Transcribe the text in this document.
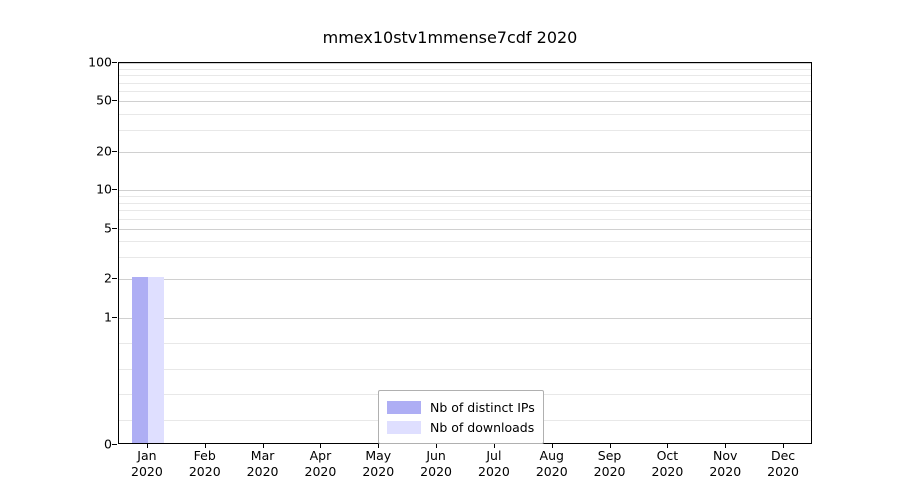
mmex10stv1mmense7cdf 2020
0
1
2
5
10
20
50
100
Jan
2020
Feb
2020
Mar
2020
Apr
2020
May
2020
Jun
2020
Jul
2020
Aug
2020
Sep
2020
Oct
2020
Nov
2020
Dec
2020
Nb of distinct IPs
Nb of downloads
